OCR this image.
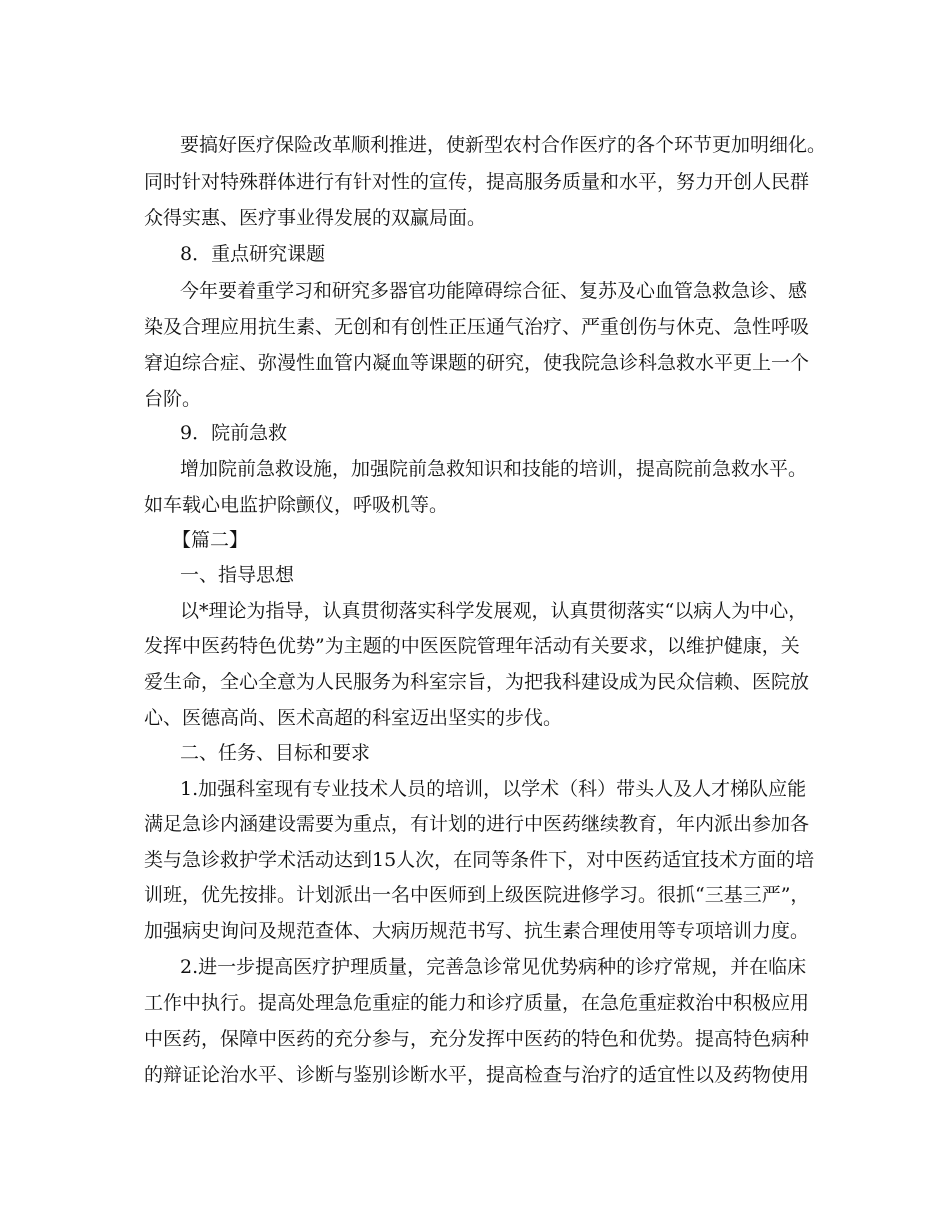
要搞好医疗保险改革顺利推进，使新型农村合作医疗的各个环节更加明细化。
同时针对特殊群体进行有针对性的宣传，提高服务质量和水平，努力开创人民群
众得实惠、医疗事业得发展的双赢局面。
8．重点研究课题
今年要着重学习和研究多器官功能障碍综合征、复苏及心血管急救急诊、感
染及合理应用抗生素、无创和有创性正压通气治疗、严重创伤与休克、急性呼吸
窘迫综合症、弥漫性血管内凝血等课题的研究，使我院急诊科急救水平更上一个
台阶。
9．院前急救
增加院前急救设施，加强院前急救知识和技能的培训，提高院前急救水平。
如车载心电监护除颤仪，呼吸机等。
【篇二】
一、指导思想
以*理论为指导，认真贯彻落实科学发展观，认真贯彻落实“以病人为中心，
发挥中医药特色优势”为主题的中医医院管理年活动有关要求，以维护健康，关
爱生命，全心全意为人民服务为科室宗旨，为把我科建设成为民众信赖、医院放
心、医德高尚、医术高超的科室迈出坚实的步伐。
二、任务、目标和要求
1.加强科室现有专业技术人员的培训，以学术（科）带头人及人才梯队应能
满足急诊内涵建设需要为重点，有计划的进行中医药继续教育，年内派出参加各
类与急诊救护学术活动达到15人次，在同等条件下，对中医药适宜技术方面的培
训班，优先按排。计划派出一名中医师到上级医院进修学习。很抓“三基三严”，
加强病史询问及规范查体、大病历规范书写、抗生素合理使用等专项培训力度。
2.进一步提高医疗护理质量，完善急诊常见优势病种的诊疗常规，并在临床
工作中执行。提高处理急危重症的能力和诊疗质量，在急危重症救治中积极应用
中医药，保障中医药的充分参与，充分发挥中医药的特色和优势。提高特色病种
的辩证论治水平、诊断与鉴别诊断水平，提高检查与治疗的适宜性以及药物使用
